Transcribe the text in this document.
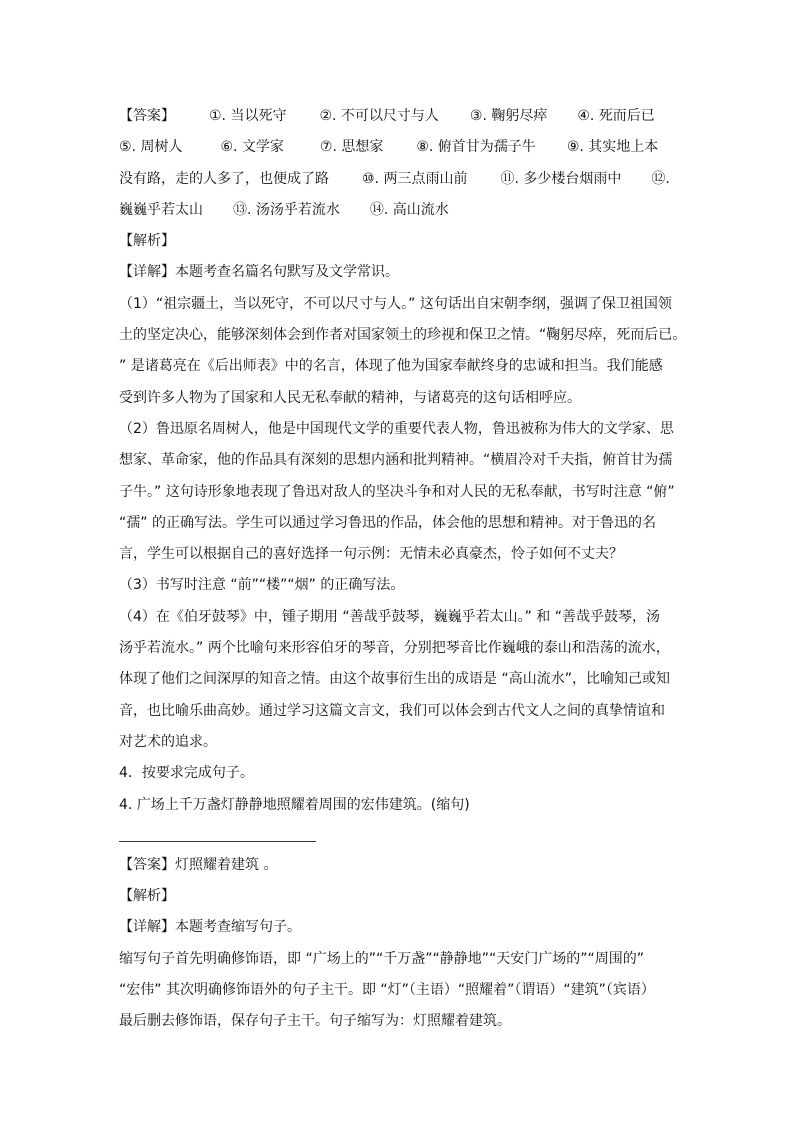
【答案】 ①. 当以死守 ②. 不可以尺寸与人 ③. 鞠躬尽瘁 ④. 死而后已
⑤. 周树人	⑥. 文学家	⑦. 思想家 ⑧. 俯首甘为孺子牛 ⑨. 其实地上本
没有路，走的人多了，也便成了路 ⑩. 两三点雨山前 ⑪. 多少楼台烟雨中 ⑫.
巍巍乎若太山 ⑬. 汤汤乎若流水 ⑭. 高山流水
【解析】
【详解】本题考查名篇名句默写及文学常识。
（1）“祖宗疆土，当以死守，不可以尺寸与人。” 这句话出自宋朝李纲，强调了保卫祖国领
土的坚定决心，能够深刻体会到作者对国家领土的珍视和保卫之情。“鞠躬尽瘁，死而后已。
” 是诸葛亮在《后出师表》中的名言，体现了他为国家奉献终身的忠诚和担当。我们能感
受到许多人物为了国家和人民无私奉献的精神，与诸葛亮的这句话相呼应。
（2）鲁迅原名周树人，他是中国现代文学的重要代表人物，鲁迅被称为伟大的文学家、思
想家、革命家，他的作品具有深刻的思想内涵和批判精神。“横眉冷对千夫指，俯首甘为孺
子牛。” 这句诗形象地表现了鲁迅对敌人的坚决斗争和对人民的无私奉献，书写时注意 “俯”
“孺” 的正确写法。学生可以通过学习鲁迅的作品，体会他的思想和精神。对于鲁迅的名
言，学生可以根据自己的喜好选择一句示例：无情未必真豪杰，怜子如何不丈夫？
（3）书写时注意 “前”“楼”“烟” 的正确写法。
（4）在《伯牙鼓琴》中，锺子期用 “善哉乎鼓琴，巍巍乎若太山。” 和 “善哉乎鼓琴，汤
汤乎若流水。” 两个比喻句来形容伯牙的琴音，分别把琴音比作巍峨的泰山和浩荡的流水，
体现了他们之间深厚的知音之情。由这个故事衍生出的成语是 “高山流水”，比喻知己或知
音，也比喻乐曲高妙。通过学习这篇文言文，我们可以体会到古代文人之间的真挚情谊和
对艺术的追求。
4．按要求完成句子。
4. 广场上千万盏灯静静地照耀着周围的宏伟建筑。(缩句)
【答案】灯照耀着建筑 。
【解析】
【详解】本题考查缩写句子。
缩写句子首先明确修饰语，即 “广场上的”“千万盏”“静静地”“天安门广场的”“周围的”
“宏伟” 其次明确修饰语外的句子主干。即 “灯”（主语）“照耀着”（谓语）“建筑”（宾语）
最后删去修饰语，保存句子主干。句子缩写为：灯照耀着建筑。
